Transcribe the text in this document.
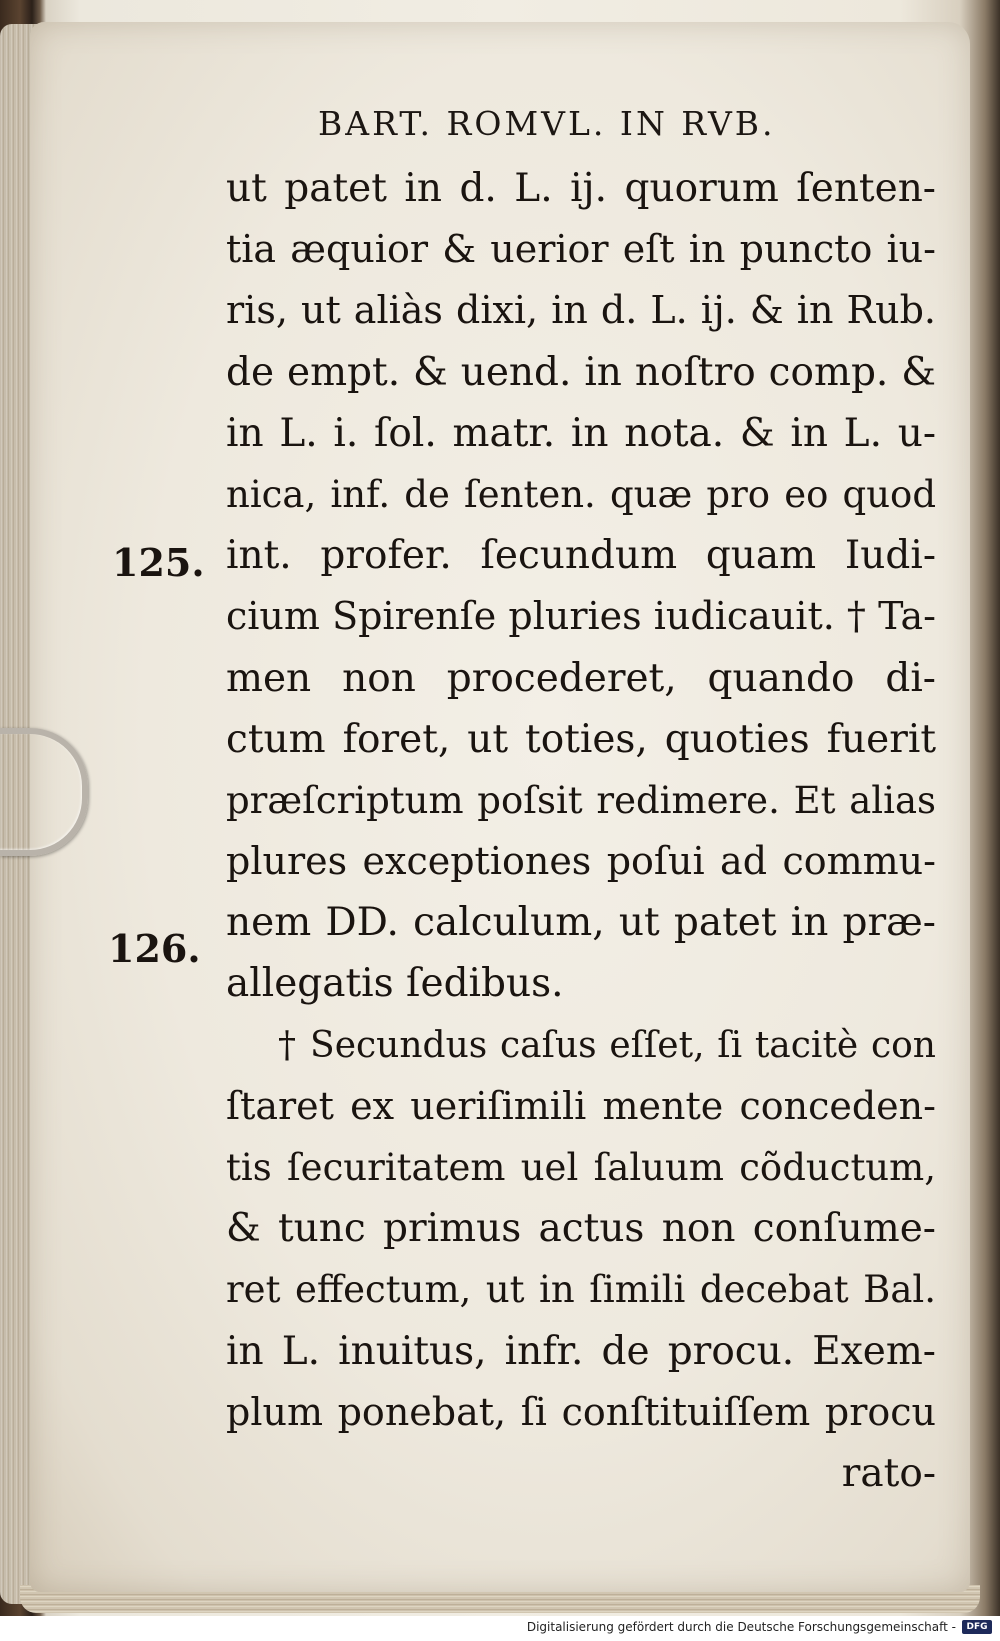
BART. ROMVL. IN RVB.
125.
126.
ut patet in d. L. ij. quorum ſenten-
tia æquior & uerior eſt in puncto iu-
ris, ut aliàs dixi, in d. L. ij. & in Rub.
de empt. & uend. in noſtro comp. &
in L. i. ſol. matr. in nota. & in L. u-
nica, inf. de ſenten. quæ pro eo quod
int. profer. ſecundum quam Iudi-
cium Spirenſe pluries iudicauit. † Ta-
men non procederet, quando di-
ctum foret, ut toties, quoties fuerit
præſcriptum poſsit redimere. Et alias
plures exceptiones poſui ad commu-
nem DD. calculum, ut patet in præ-
allegatis ſedibus.
† Secundus caſus eſſet, ſi tacitè con
ſtaret ex ueriſimili mente conceden-
tis ſecuritatem uel ſaluum cõductum,
& tunc primus actus non conſume-
ret effectum, ut in ſimili decebat Bal.
in L. inuitus, infr. de procu. Exem-
plum ponebat, ſi conſtituiſſem procu
rato-
Digitalisierung gefördert durch die Deutsche Forschungsgemeinschaft -	DFG
